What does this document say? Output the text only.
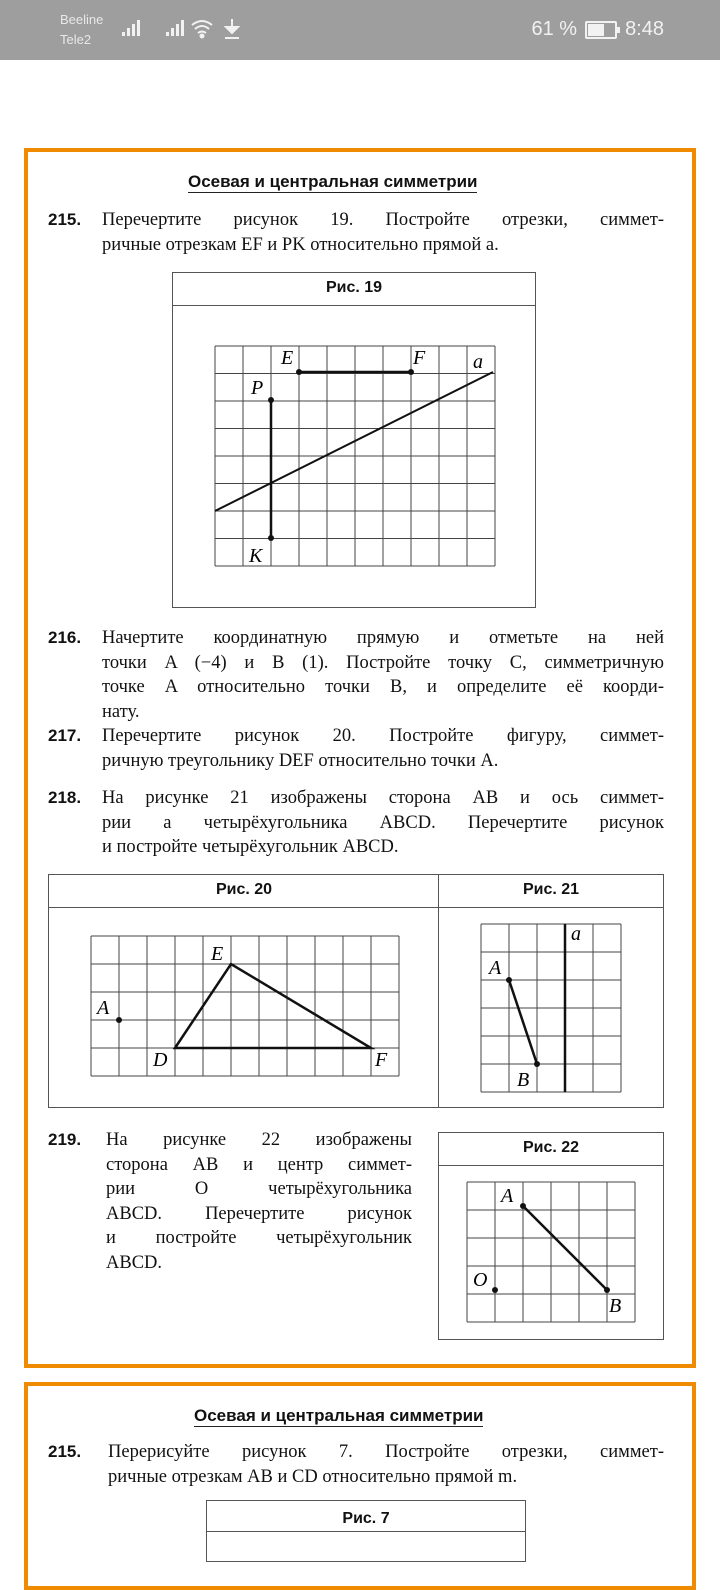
Beeline
Tele2	61 % 8:48
Осевая и центральная симметрии
215. Перечертите рисунок 19. Постройте отрезки, симмет-
ричные отрезкам EF и PK относительно прямой a.
Рис. 19
E	F a
P
K
216. Начертите координатную прямую и отметьте на ней
точки A (−4) и B (1). Постройте точку C, симметричную
точке A относительно точки B, и определите её коорди-
нату.
217. Перечертите рисунок 20. Постройте фигуру, симмет-
ричную треугольнику DEF относительно точки A.
218. На рисунке 21 изображены сторона AB и ось симмет-
рии a четырёхугольника ABCD. Перечертите рисунок
и постройте четырёхугольник ABCD.
Рис. 20
A
D
E
F
Рис. 21
a
A
B
219. На рисунке 22 изображены
сторона AB и центр симмет-
рии O четырёхугольника
ABCD. Перечертите рисунок
и постройте четырёхугольник
ABCD.
Рис. 22
A
O
B
Осевая и центральная симметрии
215. Перерисуйте рисунок 7. Постройте отрезки, симмет-
ричные отрезкам AB и CD относительно прямой m.
Рис. 7
